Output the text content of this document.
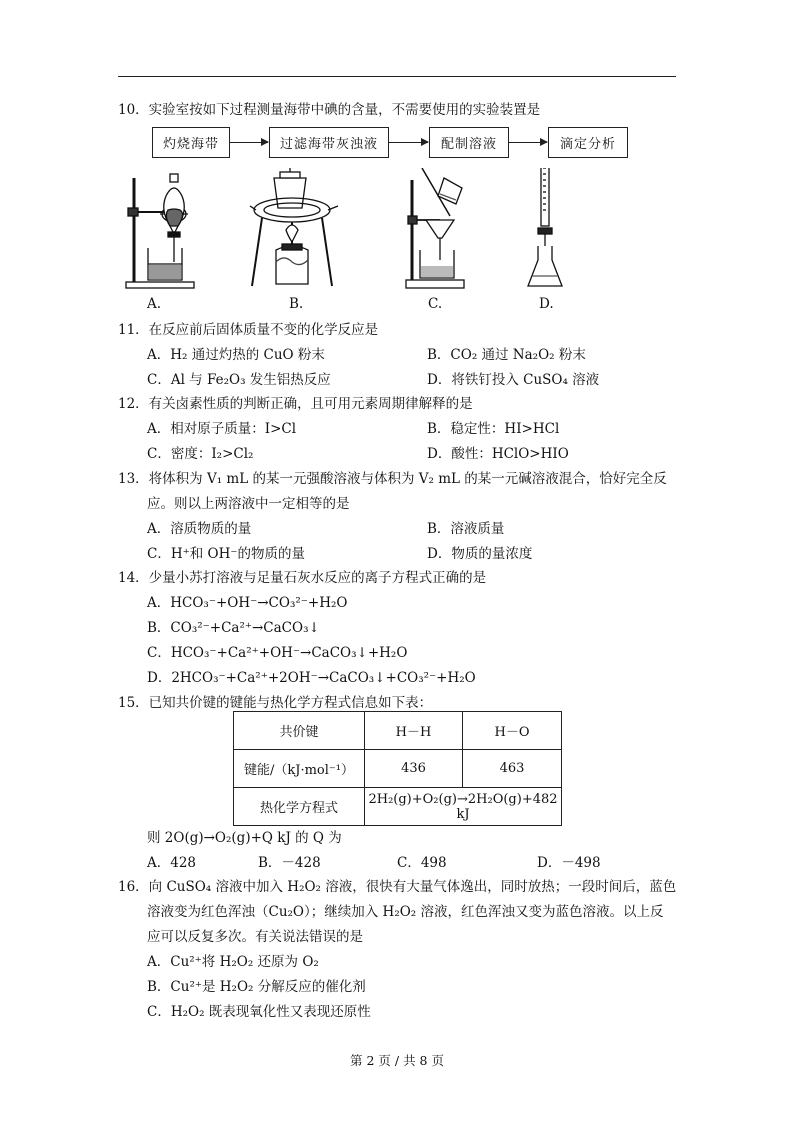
10．实验室按如下过程测量海带中碘的含量，不需要使用的实验装置是
灼烧海带	过滤海带灰浊液	配制溶液	滴定分析
A.	B.	C.	D.
11．在反应前后固体质量不变的化学反应是
A．H₂ 通过灼热的 CuO 粉末	B．CO₂ 通过 Na₂O₂ 粉末
C．Al 与 Fe₂O₃ 发生铝热反应	D．将铁钉投入 CuSO₄ 溶液
12．有关卤素性质的判断正确，且可用元素周期律解释的是
A．相对原子质量：I>Cl	B．稳定性：HI>HCl
C．密度：I₂>Cl₂	D．酸性：HClO>HIO
13．将体积为 V₁ mL 的某一元强酸溶液与体积为 V₂ mL 的某一元碱溶液混合，恰好完全反
应。则以上两溶液中一定相等的是
A．溶质物质的量	B．溶液质量
C．H⁺和 OH⁻的物质的量	D．物质的量浓度
14．少量小苏打溶液与足量石灰水反应的离子方程式正确的是
A．HCO₃⁻+OH⁻→CO₃²⁻+H₂O
B．CO₃²⁻+Ca²⁺→CaCO₃↓
C．HCO₃⁻+Ca²⁺+OH⁻→CaCO₃↓+H₂O
D．2HCO₃⁻+Ca²⁺+2OH⁻→CaCO₃↓+CO₃²⁻+H₂O
15．已知共价键的键能与热化学方程式信息如下表：
共价键	H－H	H－O
键能/（kJ·mol⁻¹）	436	463
热化学方程式	2H₂(g)+O₂(g)→2H₂O(g)+482 kJ	
则 2O(g)→O₂(g)+Q kJ 的 Q 为
A．428	B．－428	C．498	D．－498
16．向 CuSO₄ 溶液中加入 H₂O₂ 溶液，很快有大量气体逸出，同时放热；一段时间后，蓝色
溶液变为红色浑浊（Cu₂O）；继续加入 H₂O₂ 溶液，红色浑浊又变为蓝色溶液。以上反
应可以反复多次。有关说法错误的是
A．Cu²⁺将 H₂O₂ 还原为 O₂
B．Cu²⁺是 H₂O₂ 分解反应的催化剂
C．H₂O₂ 既表现氧化性又表现还原性
第 2 页 / 共 8 页
